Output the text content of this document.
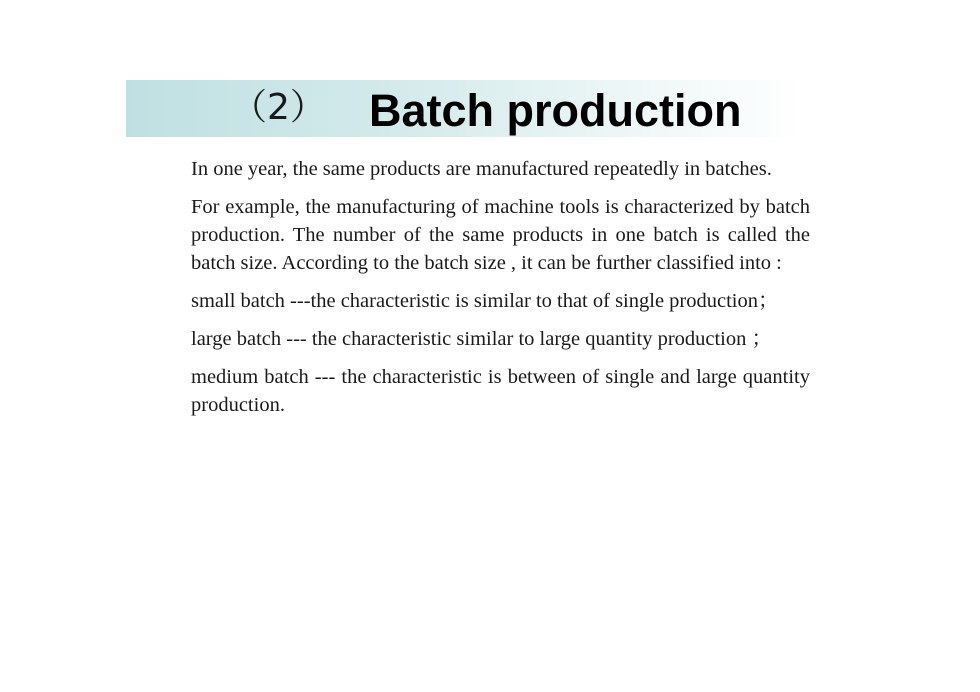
（2） Batch production

In one year, the same products are manufactured repeatedly in batches.

For example, the manufacturing of machine tools is characterized by batch production. The number of the same products in one batch is called the batch size. According to the batch size , it can be further classified into :

small batch ---the characteristic is similar to that of single production；

large batch --- the characteristic similar to large quantity production ；

medium batch --- the characteristic is between of single and large quantity production.
